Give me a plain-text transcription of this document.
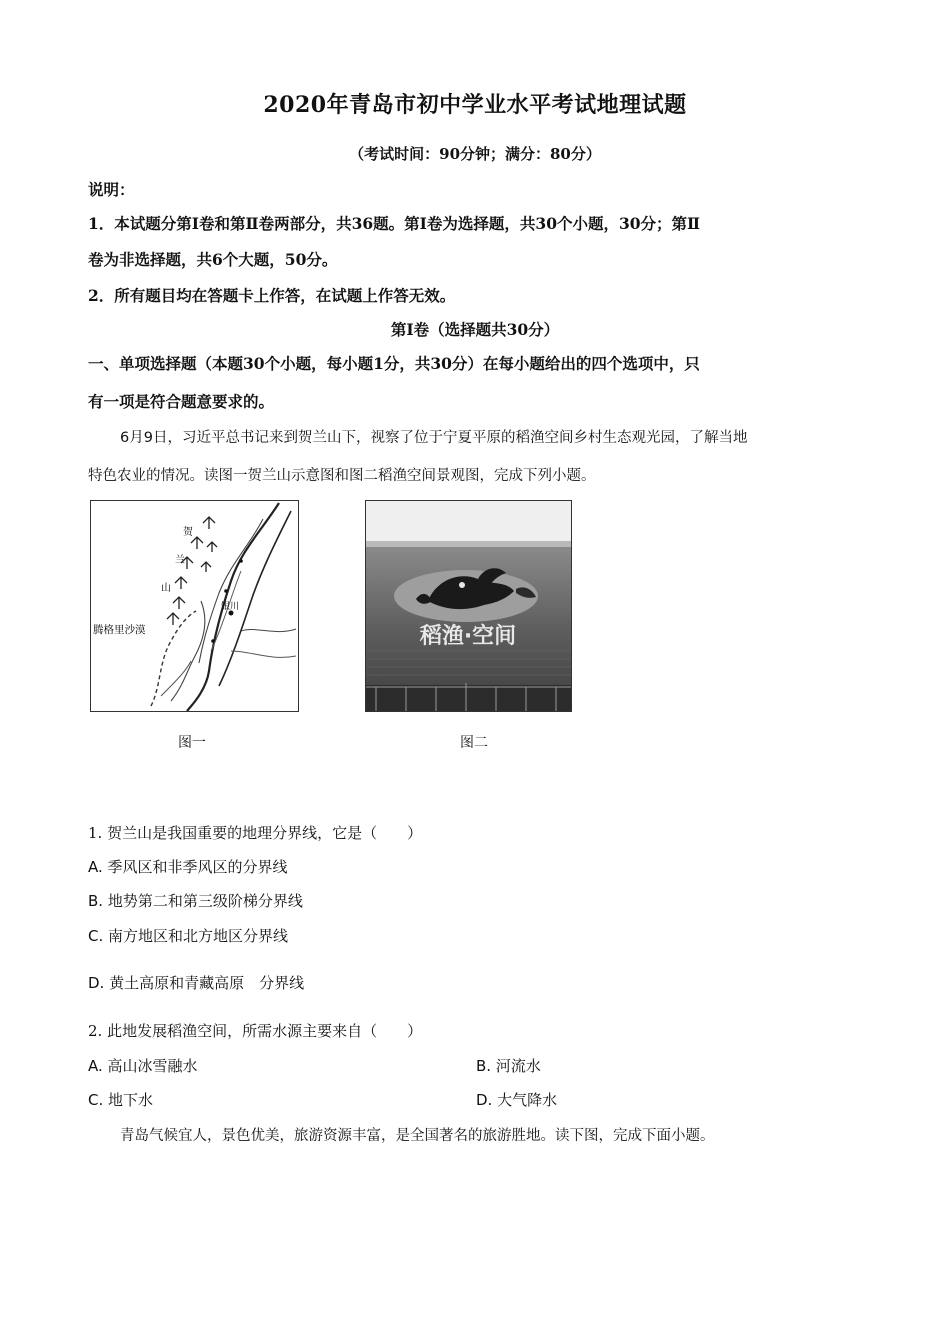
2020年青岛市初中学业水平考试地理试题
（考试时间：90分钟；满分：80分）
说明：
1．本试题分第Ⅰ卷和第Ⅱ卷两部分，共36题。第Ⅰ卷为选择题，共30个小题，30分；第Ⅱ
卷为非选择题，共6个大题，50分。
2．所有题目均在答题卡上作答，在试题上作答无效。
第Ⅰ卷（选择题共30分）
一、单项选择题（本题30个小题，每小题1分，共30分）在每小题给出的四个选项中，只
有一项是符合题意要求的。
6月9日，习近平总书记来到贺兰山下，视察了位于宁夏平原的稻渔空间乡村生态观光园，了解当地
特色农业的情况。读图一贺兰山示意图和图二稻渔空间景观图，完成下列小题。
贺
兰
山
银川
腾格里沙漠
图一
稻渔·空间
图二
1. 贺兰山是我国重要的地理分界线，它是（　　）
A. 季风区和非季风区的分界线
B. 地势第二和第三级阶梯分界线
C. 南方地区和北方地区分界线
D. 黄土高原和青藏高原　分界线
2. 此地发展稻渔空间，所需水源主要来自（　　）
A. 高山冰雪融水	B. 河流水
C. 地下水	D. 大气降水
青岛气候宜人，景色优美，旅游资源丰富，是全国著名的旅游胜地。读下图，完成下面小题。
